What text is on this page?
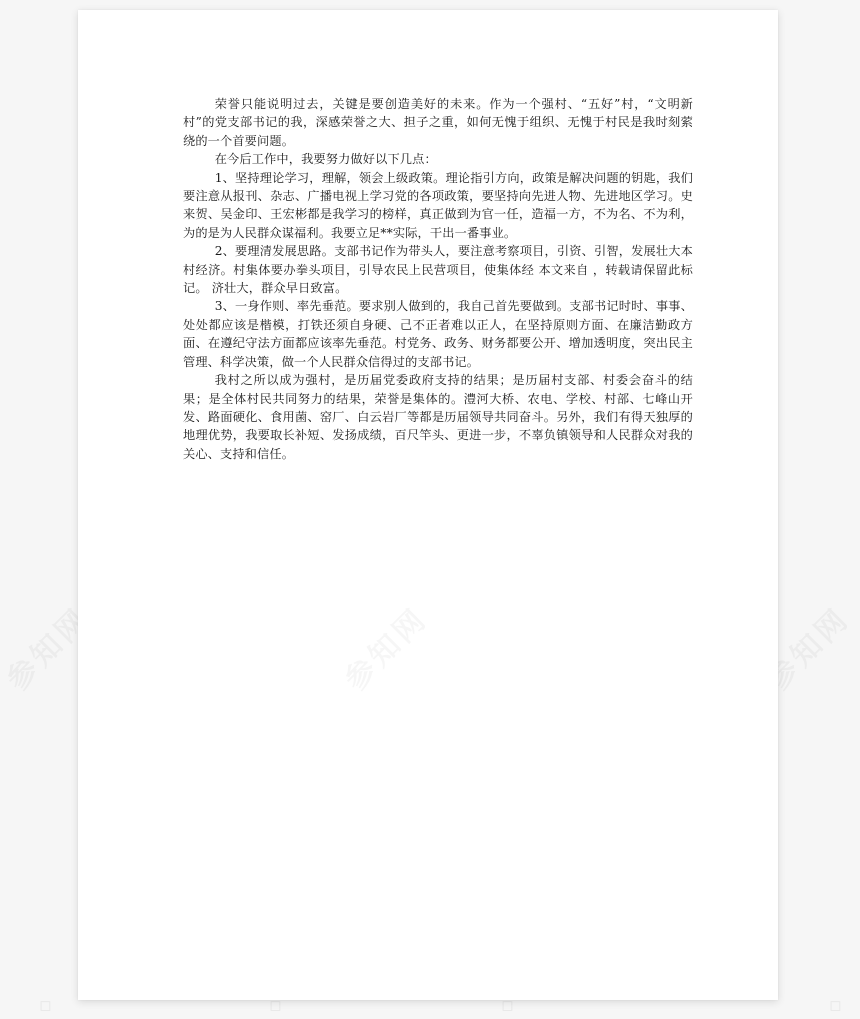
◇	◇	◇	◇

荣誉只能说明过去，关键是要创造美好的未来。作为一个强村、“五好”村，“文明新村”的党支部书记的我，深感荣誉之大、担子之重，如何无愧于组织、无愧于村民是我时刻萦绕的一个首要问题。

在今后工作中，我要努力做好以下几点：

1、坚持理论学习，理解，领会上级政策。理论指引方向，政策是解决问题的钥匙，我们要注意从报刊、杂志、广播电视上学习党的各项政策，要坚持向先进人物、先进地区学习。史来贺、吴金印、王宏彬都是我学习的榜样，真正做到为官一任，造福一方，不为名、不为利，为的是为人民群众谋福利。我要立足**实际，干出一番事业。

2、要理清发展思路。支部书记作为带头人，要注意考察项目，引资、引智，发展壮大本村经济。村集体要办拳头项目，引导农民上民营项目，使集体经 本文来自 ，转载请保留此标记。 济壮大，群众早日致富。

3、一身作则、率先垂范。要求别人做到的，我自己首先要做到。支部书记时时、事事、处处都应该是楷模，打铁还须自身硬、己不正者难以正人，在坚持原则方面、在廉洁勤政方面、在遵纪守法方面都应该率先垂范。村党务、政务、财务都要公开、增加透明度，突出民主管理、科学决策，做一个人民群众信得过的支部书记。

我村之所以成为强村，是历届党委政府支持的结果；是历届村支部、村委会奋斗的结果；是全体村民共同努力的结果，荣誉是集体的。澧河大桥、农电、学校、村部、七峰山开发、路面硬化、食用菌、窑厂、白云岩厂等都是历届领导共同奋斗。另外，我们有得天独厚的地理优势，我要取长补短、发扬成绩，百尺竿头、更进一步，不辜负镇领导和人民群众对我的关心、支持和信任。
